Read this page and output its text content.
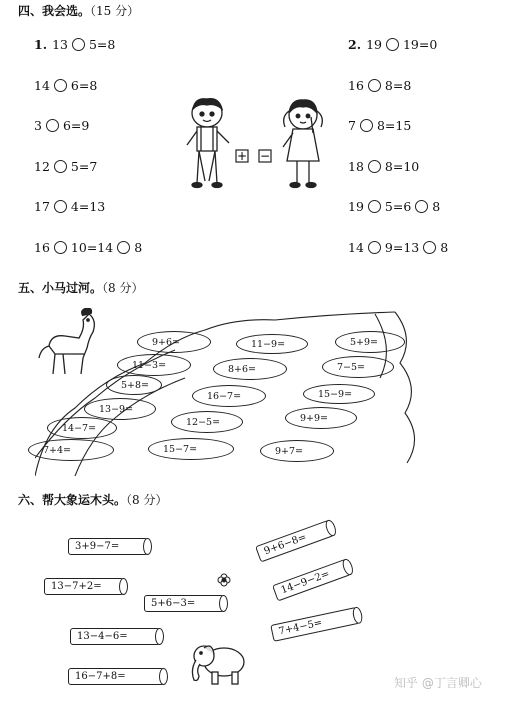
四、我会选。（15 分）
1. 13 5 = 8
14 6 = 8
3 6 = 9
12 5 = 7
17 4 = 13
16 10 = 14 8
2. 19 19 = 0
16 8 = 8
7 8 = 15
18 8 = 10
19 5 = 6 8
14 9 = 13 8
+ −
五、小马过河。（8 分）
9+6=	11−9=	5+9=
11−3=	8+6=	7−5=
5+8=
16−7=	15−9=
13−9=
12−5=	9+9=
14−7=
7+4=	15−7=	9+7=
六、帮大象运木头。（8 分）
3+9−7=
13−7+2=
5+6−3=
13−4−6=
16−7+8=
9+6−8=
14−9−2=
7+4−5=
知乎 @丁言卿心
